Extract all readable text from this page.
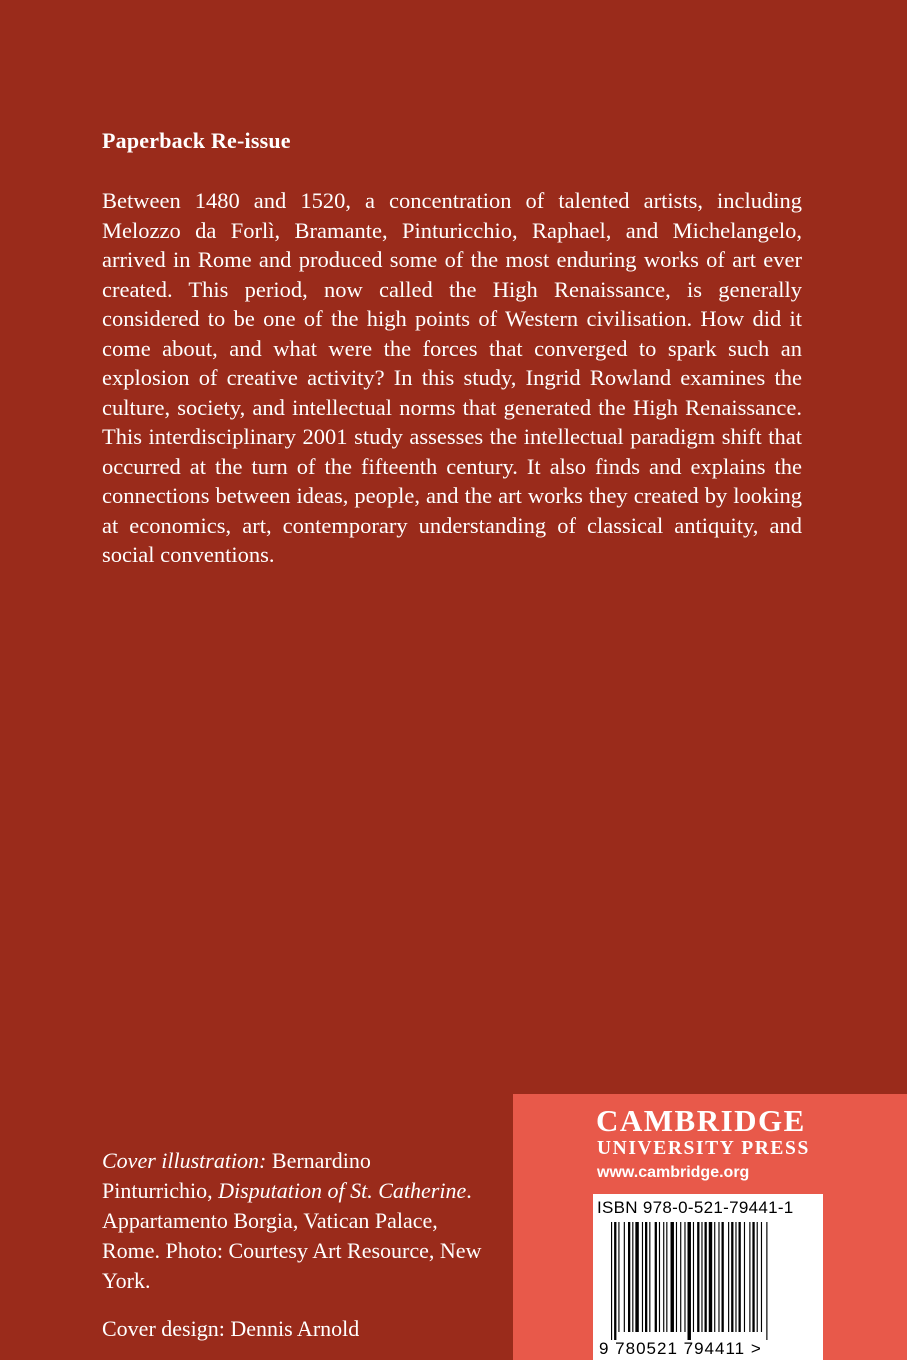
Paperback Re-issue

Between 1480 and 1520, a concentration of talented artists, including Melozzo da Forlì, Bramante, Pinturicchio, Raphael, and Michelangelo, arrived in Rome and produced some of the most enduring works of art ever created. This period, now called the High Renaissance, is generally considered to be one of the high points of Western civilisation. How did it come about, and what were the forces that converged to spark such an explosion of creative activity? In this study, Ingrid Rowland examines the culture, society, and intellectual norms that generated the High Renaissance. This interdisciplinary 2001 study assesses the intellectual paradigm shift that occurred at the turn of the fifteenth century. It also finds and explains the connections between ideas, people, and the art works they created by looking at economics, art, contemporary understanding of classical antiquity, and social conventions.

Cover illustration: Bernardino Pinturrichio, Disputation of St. Catherine. Appartamento Borgia, Vatican Palace, Rome. Photo: Courtesy Art Resource, New York.

Cover design: Dennis Arnold

CAMBRIDGE
UNIVERSITY PRESS
www.cambridge.org
ISBN 978-0-521-79441-1
9 780521 794411 >
